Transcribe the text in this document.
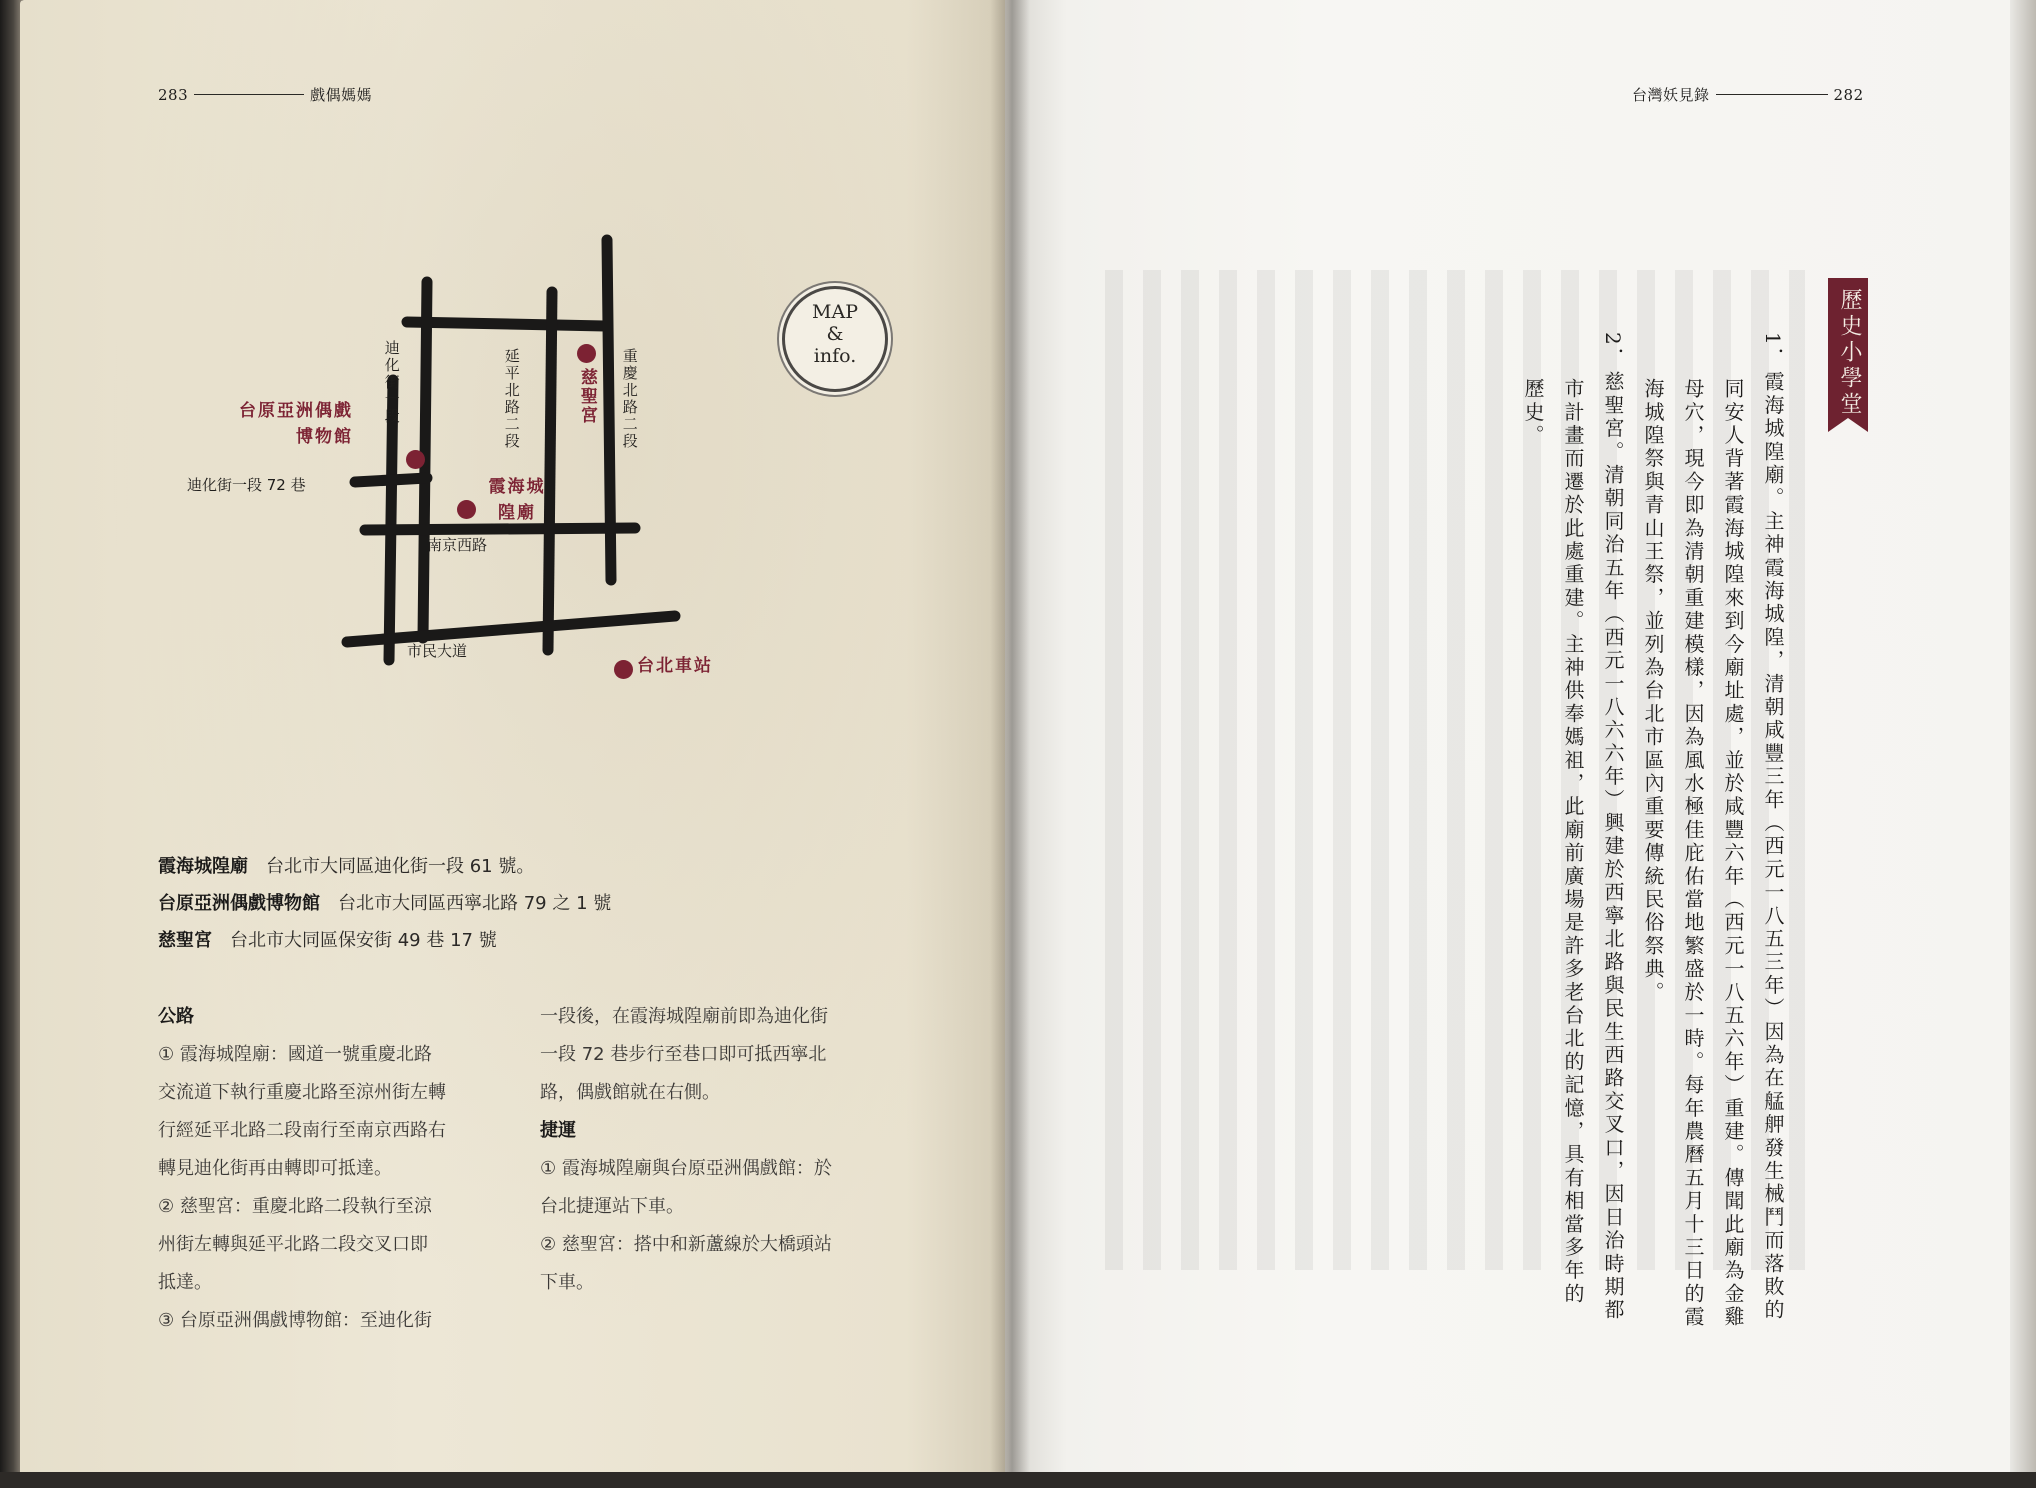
283	戲偶媽媽
MAP
&
info.
迪化街一段	延平北路二段	重慶北路二段
迪化街一段 72 巷
南京西路
市民大道
台原亞洲偶戲博物館
慈聖宮
霞海城隍廟
台北車站
霞海城隍廟 台北市大同區迪化街一段 61 號。
台原亞洲偶戲博物館 台北市大同區西寧北路 79 之 1 號
慈聖宮 台北市大同區保安街 49 巷 17 號
公路

① 霞海城隍廟：國道一號重慶北路

交流道下執行重慶北路至涼州街左轉

行經延平北路二段南行至南京西路右

轉見迪化街再由轉即可抵達。

② 慈聖宮：重慶北路二段執行至涼

州街左轉與延平北路二段交叉口即

抵達。

③ 台原亞洲偶戲博物館：至迪化街

一段後，在霞海城隍廟前即為迪化街

一段 72 巷步行至巷口即可抵西寧北

路，偶戲館就在右側。

捷運

① 霞海城隍廟與台原亞洲偶戲館：於

台北捷運站下車。

② 慈聖宮：搭中和新蘆線於大橋頭站

下車。

台灣妖見錄	282
歷史小學堂
1．霞海城隍廟。主神霞海城隍，清朝咸豐三年（西元一八五三年）因為在艋舺發生械鬥而落敗的
同安人背著霞海城隍來到今廟址處，並於咸豐六年（西元一八五六年）重建。傳聞此廟為金雞
母穴，現今即為清朝重建模樣，因為風水極佳庇佑當地繁盛於一時。每年農曆五月十三日的霞
海城隍祭與青山王祭，並列為台北市區內重要傳統民俗祭典。
2．慈聖宮。清朝同治五年（西元一八六六年）興建於西寧北路與民生西路交叉口，因日治時期都
市計畫而遷於此處重建。主神供奉媽祖，此廟前廣場是許多老台北的記憶，具有相當多年的
歷史。
